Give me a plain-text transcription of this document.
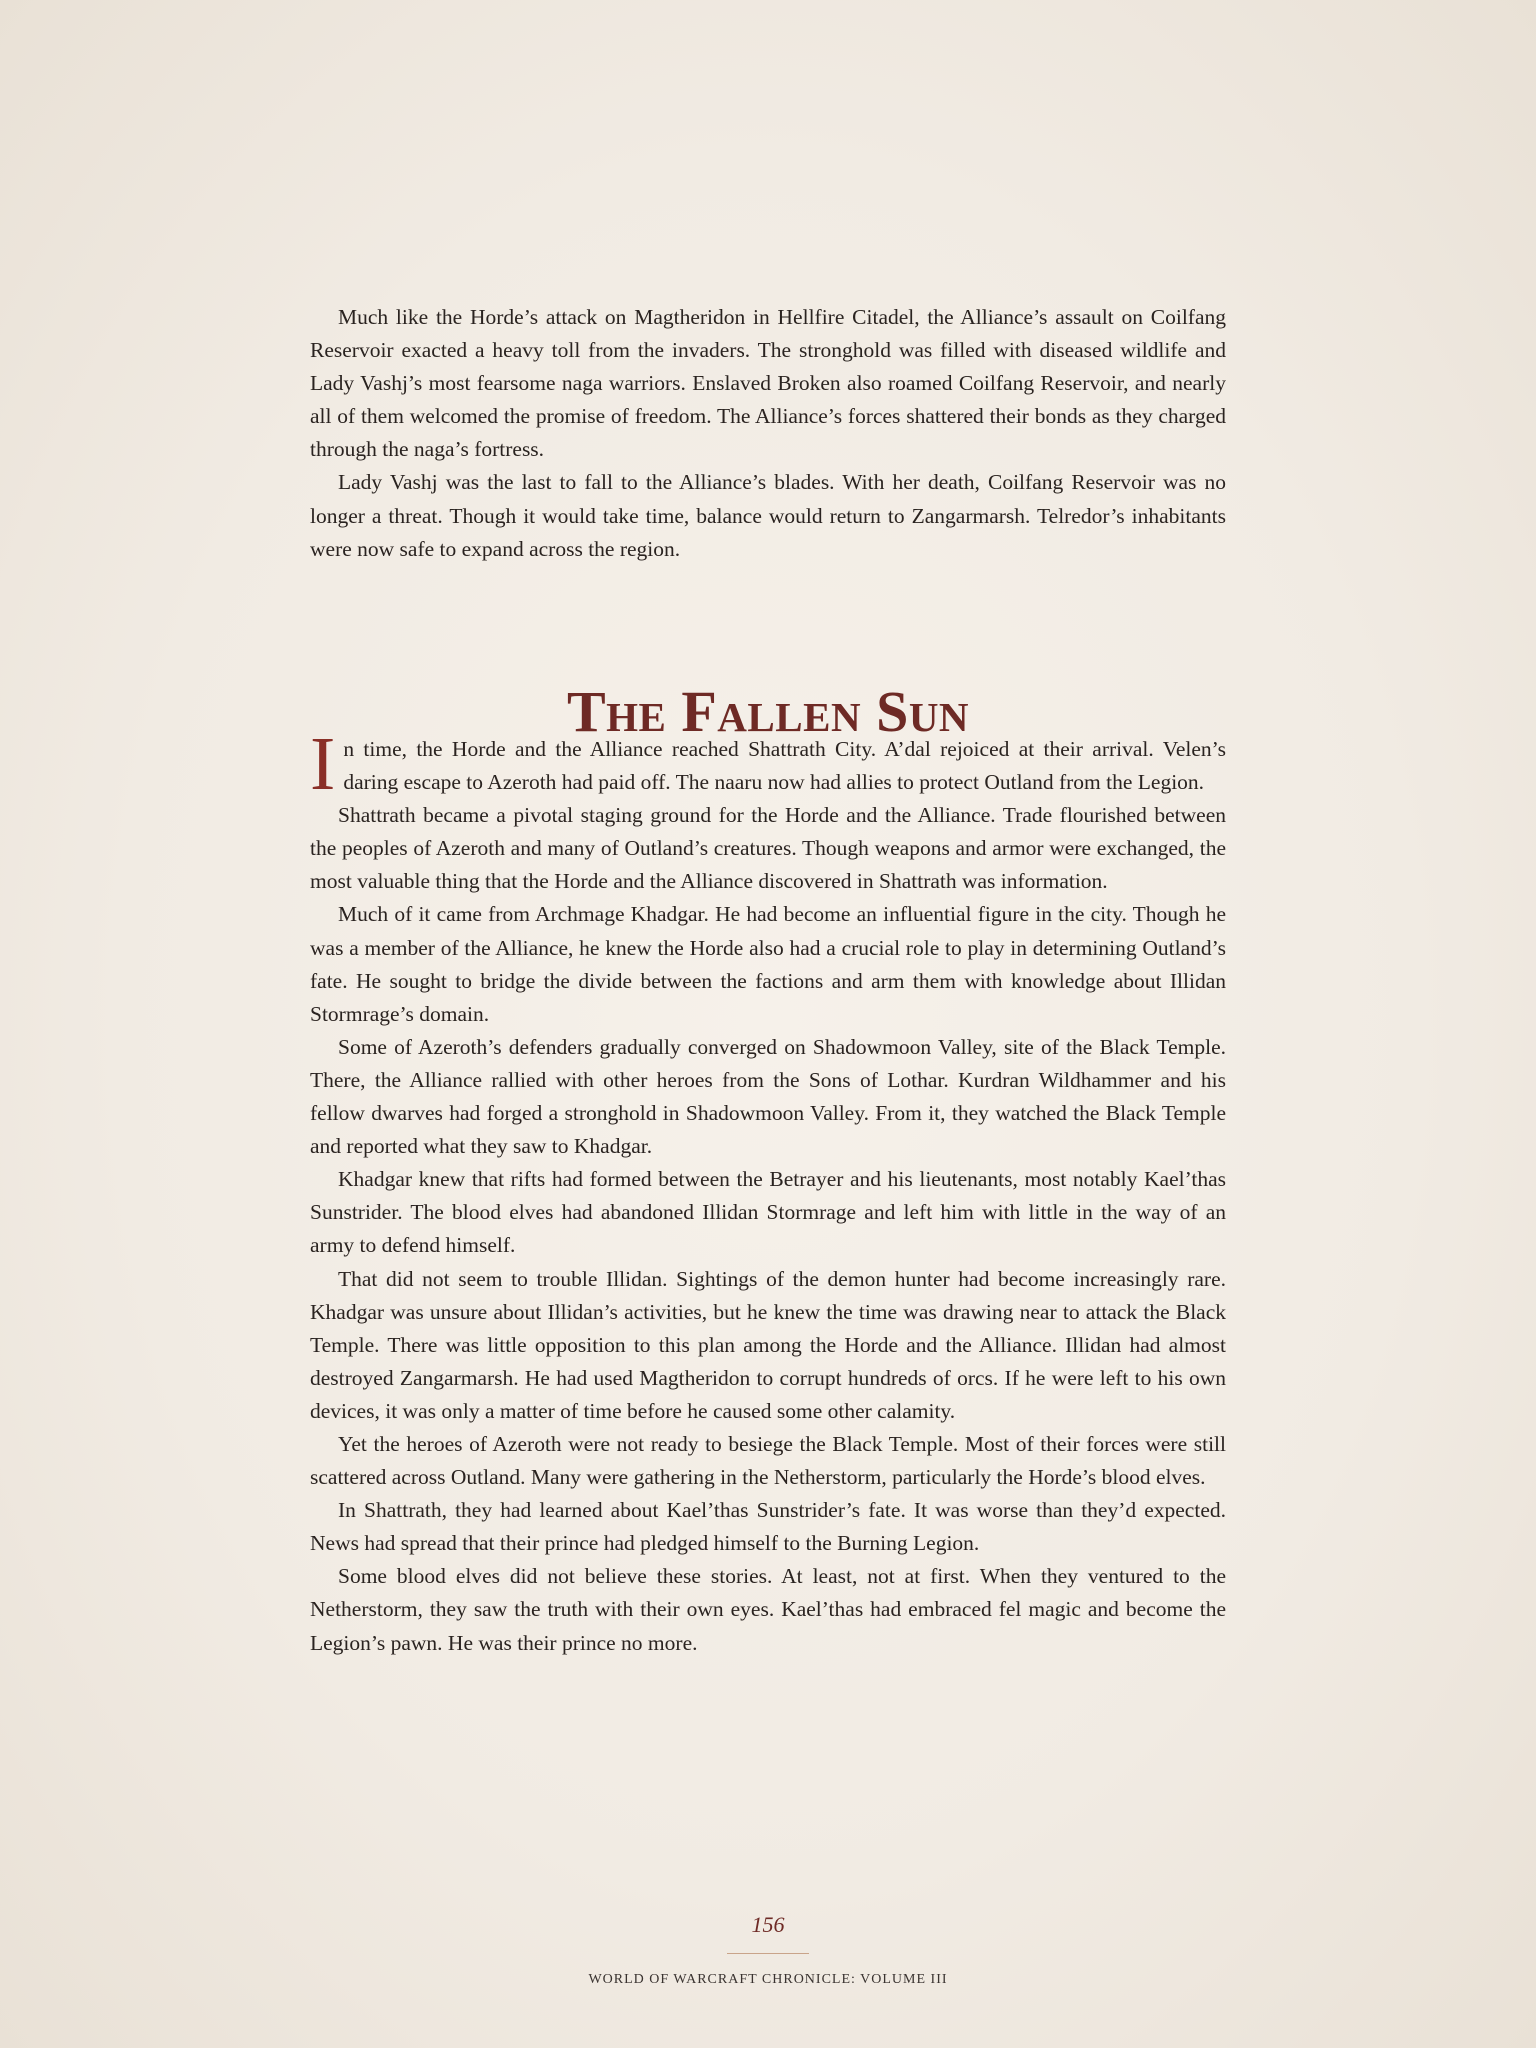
Much like the Horde’s attack on Magtheridon in Hellfire Citadel, the Alliance’s assault on Coilfang Reservoir exacted a heavy toll from the invaders. The stronghold was filled with diseased wildlife and Lady Vashj’s most fearsome naga warriors. Enslaved Broken also roamed Coilfang Reservoir, and nearly all of them welcomed the promise of freedom. The Alliance’s forces shattered their bonds as they charged through the naga’s fortress.

Lady Vashj was the last to fall to the Alliance’s blades. With her death, Coilfang Reservoir was no longer a threat. Though it would take time, balance would return to Zangarmarsh. Telredor’s inhabitants were now safe to expand across the region.

The Fallen Sun

In time, the Horde and the Alliance reached Shattrath City. A’dal rejoiced at their arrival. Velen’s daring escape to Azeroth had paid off. The naaru now had allies to protect Outland from the Legion.

Shattrath became a pivotal staging ground for the Horde and the Alliance. Trade flourished between the peoples of Azeroth and many of Outland’s creatures. Though weapons and armor were exchanged, the most valuable thing that the Horde and the Alliance discovered in Shattrath was information.

Much of it came from Archmage Khadgar. He had become an influential figure in the city. Though he was a member of the Alliance, he knew the Horde also had a crucial role to play in determining Outland’s fate. He sought to bridge the divide between the factions and arm them with knowledge about Illidan Stormrage’s domain.

Some of Azeroth’s defenders gradually converged on Shadowmoon Valley, site of the Black Temple. There, the Alliance rallied with other heroes from the Sons of Lothar. Kurdran Wildhammer and his fellow dwarves had forged a stronghold in Shadowmoon Valley. From it, they watched the Black Temple and reported what they saw to Khadgar.

Khadgar knew that rifts had formed between the Betrayer and his lieutenants, most notably Kael’thas Sunstrider. The blood elves had abandoned Illidan Stormrage and left him with little in the way of an army to defend himself.

That did not seem to trouble Illidan. Sightings of the demon hunter had become increasingly rare. Khadgar was unsure about Illidan’s activities, but he knew the time was drawing near to attack the Black Temple. There was little opposition to this plan among the Horde and the Alliance. Illidan had almost destroyed Zangarmarsh. He had used Magtheridon to corrupt hundreds of orcs. If he were left to his own devices, it was only a matter of time before he caused some other calamity.

Yet the heroes of Azeroth were not ready to besiege the Black Temple. Most of their forces were still scattered across Outland. Many were gathering in the Netherstorm, particularly the Horde’s blood elves.

In Shattrath, they had learned about Kael’thas Sunstrider’s fate. It was worse than they’d expected. News had spread that their prince had pledged himself to the Burning Legion.

Some blood elves did not believe these stories. At least, not at first. When they ventured to the Netherstorm, they saw the truth with their own eyes. Kael’thas had embraced fel magic and become the Legion’s pawn. He was their prince no more.

156
WORLD OF WARCRAFT CHRONICLE: VOLUME III
